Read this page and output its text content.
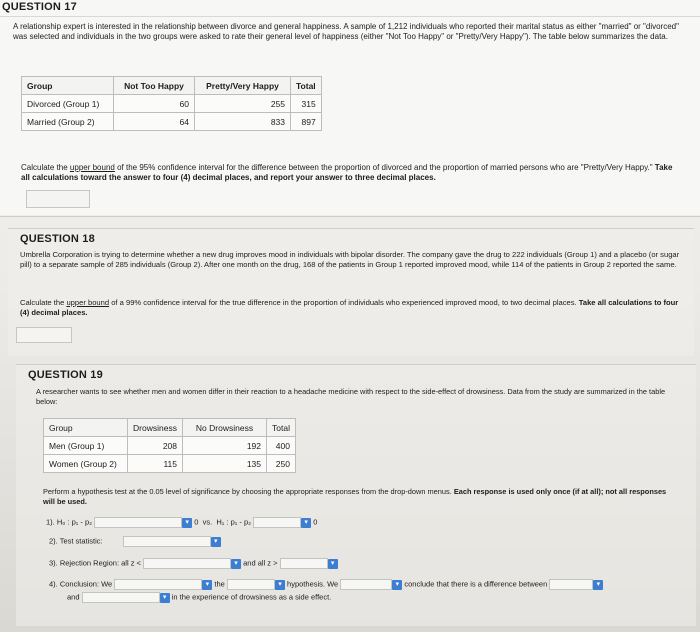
QUESTION 17

A relationship expert is interested in the relationship between divorce and general happiness. A sample of 1,212 individuals who reported their marital status as either "married" or "divorced" was selected and individuals in the two groups were asked to rate their general level of happiness (either "Not Too Happy" or "Pretty/Very Happy"). The table below summarizes the data.

Group	Not Too Happy	Pretty/Very Happy	Total
Divorced (Group 1)	60	255	315
Married (Group 2)	64	833	897

Calculate the upper bound of the 95% confidence interval for the difference between the proportion of divorced and the proportion of married persons who are "Pretty/Very Happy." Take all calculations toward the answer to four (4) decimal places, and report your answer to three decimal places.

QUESTION 18

Umbrella Corporation is trying to determine whether a new drug improves mood in individuals with bipolar disorder. The company gave the drug to 222 individuals (Group 1) and a placebo (or sugar pill) to a separate sample of 285 individuals (Group 2). After one month on the drug, 168 of the patients in Group 1 reported improved mood, while 114 of the patients in Group 2 reported the same.

Calculate the upper bound of a 99% confidence interval for the true difference in the proportion of individuals who experienced improved mood, to two decimal places. Take all calculations to four (4) decimal places.

QUESTION 19

A researcher wants to see whether men and women differ in their reaction to a headache medicine with respect to the side-effect of drowsiness. Data from the study are summarized in the table below:

Group	Drowsiness	No Drowsiness	Total
Men (Group 1)	208	192	400
Women (Group 2)	115	135	250

Perform a hypothesis test at the 0.05 level of significance by choosing the appropriate responses from the drop-down menus. Each response is used only once (if at all); not all responses will be used.

1). H₀ : p₁ - p₂	▾ 0 vs. H₁ : p₁ - p₂	▾ 0
2). Test statistic:	▾
3). Rejection Region: all z <	▾ and all z >	▾
4). Conclusion: We	▾ the	▾ hypothesis. We	▾ conclude that there is a difference between	▾
and	▾ in the experience of drowsiness as a side effect.
